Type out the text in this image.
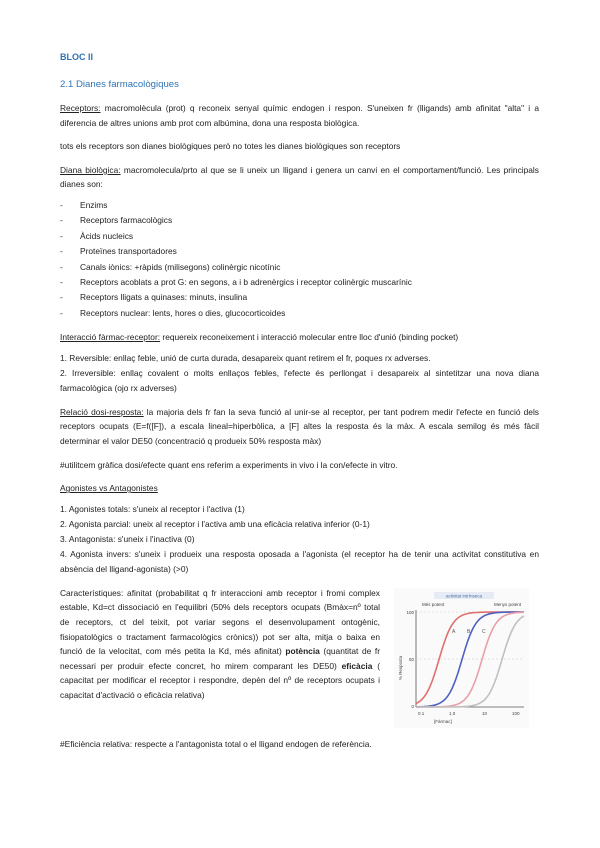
BLOC II
2.1 Dianes farmacològiques

Receptors: macromolècula (prot) q reconeix senyal químic endogen i respon. S'uneixen fr (lligands) amb afinitat "alta" i a diferencia de altres unions amb prot com albúmina, dona una resposta biològica.

tots els receptors son dianes biològiques però no totes les dianes biològiques son receptors

Diana biològica: macromolecula/prto al que se li uneix un lligand i genera un canvi en el comportament/funció. Les principals dianes son:

- Enzims
- Receptors farmacològics
- Àcids nucleics
- Proteïnes transportadores
- Canals iònics: +ràpids (milisegons) colinèrgic nicotínic
- Receptors acoblats a prot G: en segons, a i b adrenèrgics i receptor colinèrgic muscarínic
- Receptors lligats a quinases: minuts, insulina
- Receptors nuclear: lents, hores o dies, glucocorticoides

Interacció fàrmac-receptor: requereix reconeixement i interacció molecular entre lloc d'unió (binding pocket)

1. Reversible: enllaç feble, unió de curta durada, desapareix quant retirem el fr, poques rx adverses.
2. Irreversible: enllaç covalent o molts enllaços febles, l'efecte és perllongat i desapareix al sintetitzar una nova diana farmacològica (ojo rx adverses)

Relació dosi-resposta: la majoria dels fr fan la seva funció al unir-se al receptor, per tant podrem medir l'efecte en funció dels receptors ocupats (E=f([F]), a escala lineal=hiperbòlica, a [F] altes la resposta és la màx. A escala semilog és més fàcil determinar el valor DE50 (concentració q produeix 50% resposta màx)

#utilitcem gràfica dosi/efecte quant ens referim a experiments in vivo i la con/efecte in vitro.

Agonistes vs Antagonistes

1. Agonistes totals: s'uneix al receptor i l'activa (1)
2. Agonista parcial: uneix al receptor i l'activa amb una eficàcia relativa inferior (0-1)
3. Antagonista: s'uneix i l'inactiva (0)
4. Agonista invers: s'uneix i produeix una resposta oposada a l'agonista (el receptor ha de tenir una activitat constitutiva en absència del lligand-agonista) (>0)

Característiques: afinitat (probabilitat q fr interaccioni amb receptor i fromi complex estable, Kd=ct dissociació en l'equilibri (50% dels receptors ocupats (Bmàx=nº total de receptors, ct del teixit, pot variar segons el desenvolupament ontogènic, fisiopatològics o tractament farmacològics crònics)) pot ser alta, mitja o baixa en funció de la velocitat, com més petita la Kd, més afinitat) potència (quantitat de fr necessari per produir efecte concret, ho mirem comparant les DE50) eficàcia ( capacitat per modificar el receptor i respondre, depèn del nº de receptors ocupats i capacitat d'activació o eficàcia relativa)

activitat intrínseca
Més potent	Menys potent
% Resposta
100
50
0
A B C
0.1	1.0	10	100
[Fàrmac]

#Eficiència relativa: respecte a l'antagonista total o el lligand endogen de referència.
